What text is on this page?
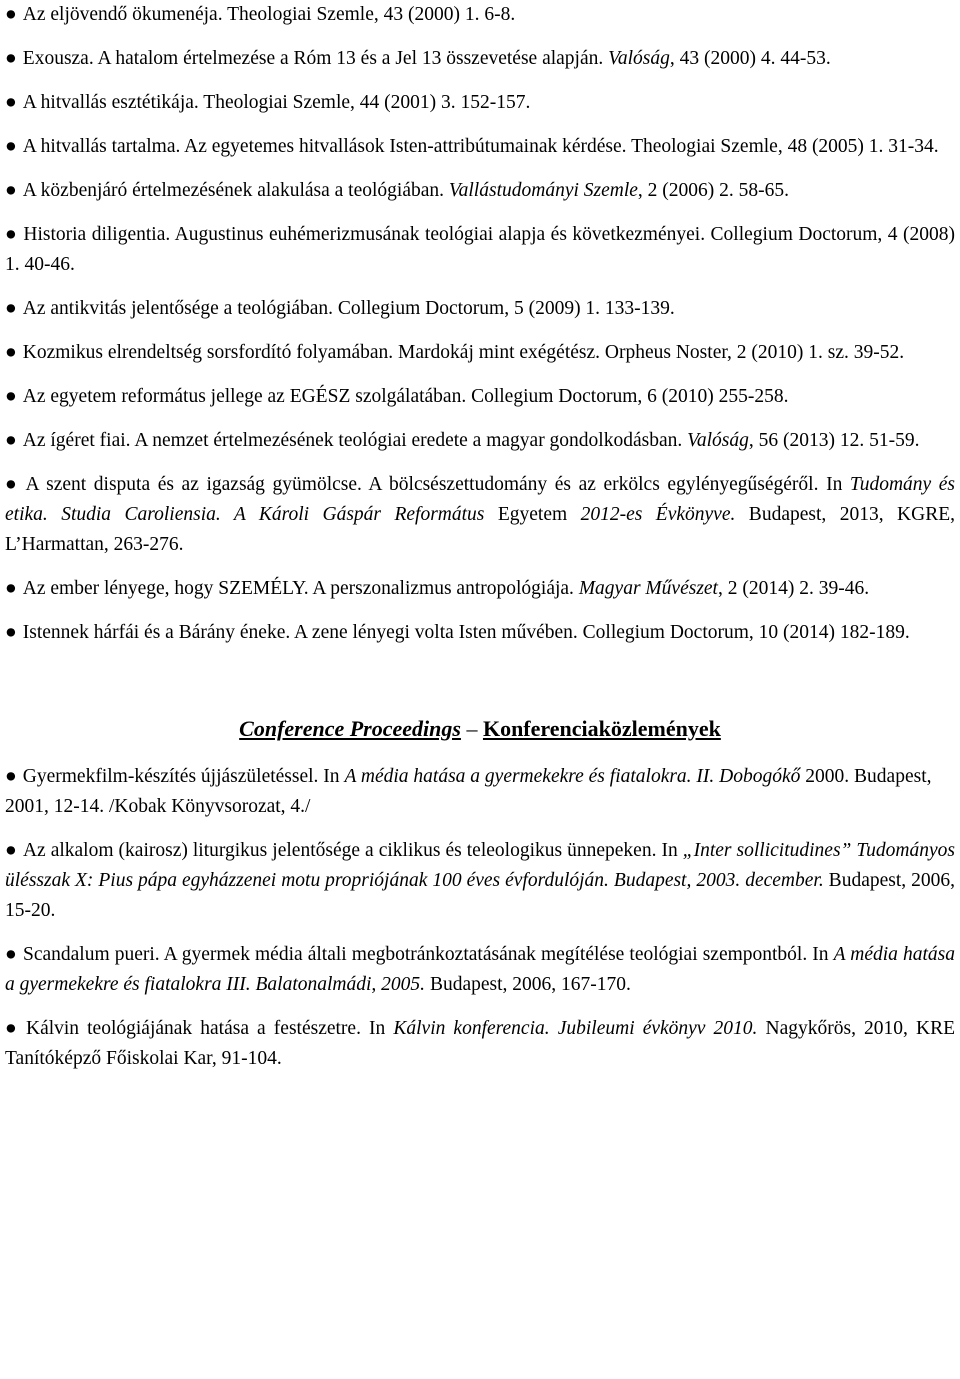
● Az eljövendő ökumenéja. Theologiai Szemle, 43 (2000) 1. 6-8.

● Exousza. A hatalom értelmezése a Róm 13 és a Jel 13 összevetése alapján. Valóság, 43 (2000) 4. 44-53.

● A hitvallás esztétikája. Theologiai Szemle, 44 (2001) 3. 152-157.

● A hitvallás tartalma. Az egyetemes hitvallások Isten-attribútumainak kérdése. Theologiai Szemle, 48 (2005) 1. 31-34.

● A közbenjáró értelmezésének alakulása a teológiában. Vallástudományi Szemle, 2 (2006) 2. 58-65.

● Historia diligentia. Augustinus euhémerizmusának teológiai alapja és következményei. Collegium Doctorum, 4 (2008) 1. 40-46.

● Az antikvitás jelentősége a teológiában. Collegium Doctorum, 5 (2009) 1. 133-139.

● Kozmikus elrendeltség sorsfordító folyamában. Mardokáj mint exégétész. Orpheus Noster, 2 (2010) 1. sz. 39-52.

● Az egyetem református jellege az EGÉSZ szolgálatában. Collegium Doctorum, 6 (2010) 255-258.

● Az ígéret fiai. A nemzet értelmezésének teológiai eredete a magyar gondolkodásban. Valóság, 56 (2013) 12. 51-59.

● A szent disputa és az igazság gyümölcse. A bölcsészettudomány és az erkölcs egylényegűségéről. In Tudomány és etika. Studia Caroliensia. A Károli Gáspár Református Egyetem 2012-es Évkönyve. Budapest, 2013, KGRE, L’Harmattan, 263-276.

● Az ember lényege, hogy SZEMÉLY. A perszonalizmus antropológiája. Magyar Művészet, 2 (2014) 2. 39-46.

● Istennek hárfái és a Bárány éneke. A zene lényegi volta Isten művében. Collegium Doctorum, 10 (2014) 182-189.

Conference Proceedings – Konferenciaközlemények

● Gyermekfilm-készítés újjászületéssel. In A média hatása a gyermekekre és fiatalokra. II. Dobogókő 2000. Budapest, 2001, 12-14. /Kobak Könyvsorozat, 4./

● Az alkalom (kairosz) liturgikus jelentősége a ciklikus és teleologikus ünnepeken. In „Inter sollicitudines” Tudományos ülésszak X: Pius pápa egyházzenei motu propriójának 100 éves évfordulóján. Budapest, 2003. december. Budapest, 2006, 15-20.

● Scandalum pueri. A gyermek média általi megbotránkoztatásának megítélése teológiai szempontból. In A média hatása a gyermekekre és fiatalokra III. Balatonalmádi, 2005. Budapest, 2006, 167-170.

● Kálvin teológiájának hatása a festészetre. In Kálvin konferencia. Jubileumi évkönyv 2010. Nagykőrös, 2010, KRE Tanítóképző Főiskolai Kar, 91-104.
